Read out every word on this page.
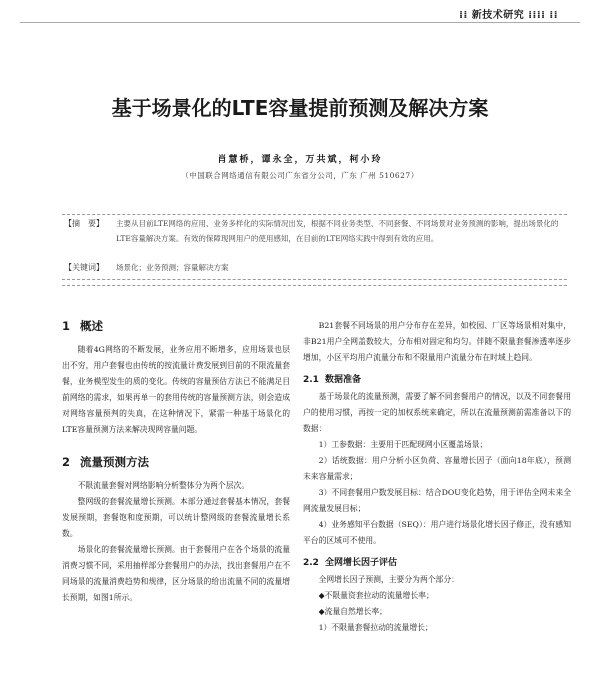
⁞⁞ 新技术研究 ⁞⁞⁞⁞ ⁞⁞
基于场景化的LTE容量提前预测及解决方案
肖慧桥，谭永全，万共斌，柯小玲
（中国联合网络通信有限公司广东省分公司，广东 广州 510627）
【摘　要】 主要从目前LTE网络的应用、业务多样化的实际情况出发，根据不同业务类型、不同套餐、不同场景对业务预测的影响，提出场景化的LTE容量解决方案。有效的保障现网用户的使用感知，在目前的LTE网络实践中得到有效的应用。
【关键词】 场景化；业务预测；容量解决方案
1 概述

随着4G网络的不断发展，业务应用不断增多，应用场景也层出不穷，用户套餐也由传统的按流量计费发展到目前的不限流量套餐，业务模型发生的质的变化。传统的容量预估方法已不能满足目前网络的需求，如果再单一的套用传统的容量预测方法，则会造成对网络容量预判的失真，在这种情况下，紧需一种基于场景化的LTE容量预测方法来解决现网容量问题。

2 流量预测方法

不限流量套餐对网络影响分析整体分为两个层次。

整网级的套餐流量增长预测。本部分通过套餐基本情况，套餐发展预期，套餐饱和度预期，可以统计整网级的套餐流量增长系数。

场景化的套餐流量增长预测。由于套餐用户在各个场景的流量消费习惯不同，采用抽样部分套餐用户的办法，找出套餐用户在不同场景的流量消费趋势和规律，区分场景的给出流量不同的流量增长预期，如图1所示。

B21套餐不同场景的用户分布存在差异，如校园、厂区等场景相对集中，非B21用户全网盖数较大，分布相对固定和均匀。伴随不限量套餐渗透率逐步增加，小区平均用户流量分布和不限量用户流量分布在时域上趋同。

2.1 数据准备

基于场景化的流量预测，需要了解不同套餐用户的情况，以及不同套餐用户的使用习惯，再按一定的加权系统来确定，所以在流量预测前需准备以下的数据：

1）工参数据：主要用于匹配现网小区覆盖场景；

2）话统数据：用户分析小区负荷、容量增长因子（面向18年底），预测未来容量需求；

3）不同套餐用户数发展目标：结合DOU变化趋势，用于评估全网未来全网流量发展目标；

4）业务感知平台数据（SEQ）：用户进行场景化增长因子修正，没有感知平台的区域可不使用。

2.2 全网增长因子评估

全网增长因子预测，主要分为两个部分：

◆不限量资套拉动的流量增长率；

◆流量自然增长率；

1）不限量套餐拉动的流量增长；
